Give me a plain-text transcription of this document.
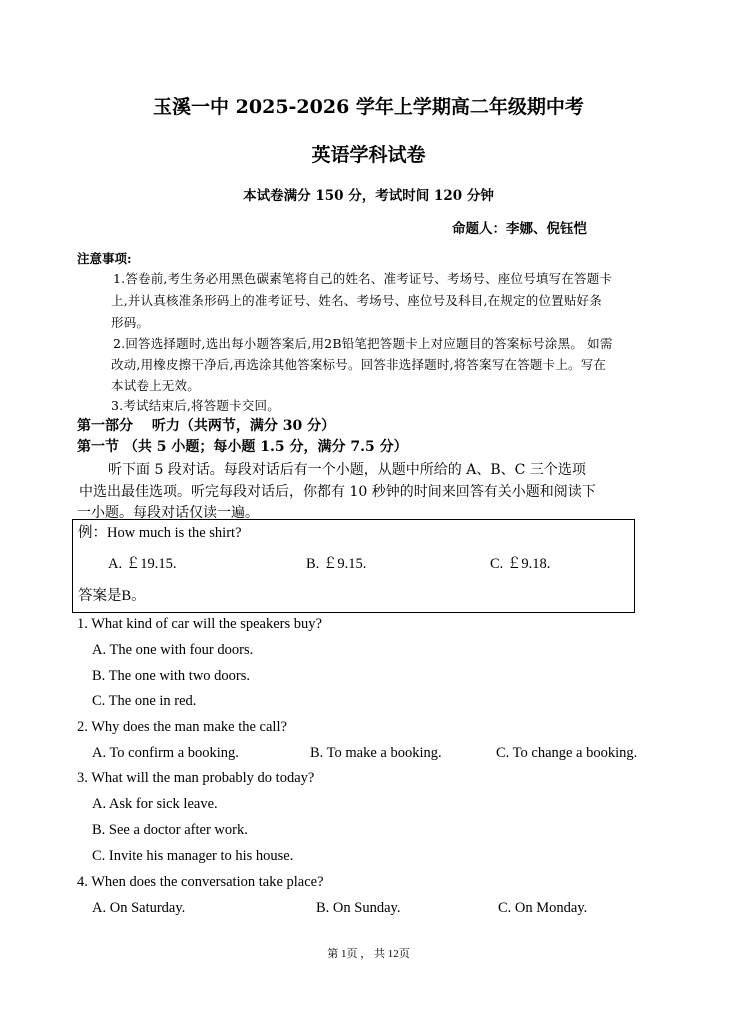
玉溪一中 2025-2026 学年上学期高二年级期中考
英语学科试卷
本试卷满分 150 分，考试时间 120 分钟
命题人：李娜、倪钰恺
注意事项:
1.答卷前,考生务必用黑色碳素笔将自己的姓名、准考证号、考场号、座位号填写在答题卡
上,并认真核准条形码上的准考证号、姓名、考场号、座位号及科目,在规定的位置贴好条
形码。
2.回答选择题时,选出每小题答案后,用2B铅笔把答题卡上对应题目的答案标号涂黑。 如需
改动,用橡皮擦干净后,再选涂其他答案标号。回答非选择题时,将答案写在答题卡上。写在
本试卷上无效。
3.考试结束后,将答题卡交回。
第一部分　 听力（共两节，满分 30 分）
第一节 （共 5 小题；每小题 1.5 分，满分 7.5 分）
听下面 5 段对话。每段对话后有一个小题，从题中所给的 A、B、C 三个选项
中选出最佳选项。听完每段对话后，你都有 10 秒钟的时间来回答有关小题和阅读下
一小题。每段对话仅读一遍。
例：How much is the shirt?
A. ￡19.15.	B. ￡9.15.	C. ￡9.18.
答案是B。
1. What kind of car will the speakers buy?
A. The one with four doors.
B. The one with two doors.
C. The one in red.
2. Why does the man make the call?
A. To confirm a booking.	B. To make a booking.	C. To change a booking.
3. What will the man probably do today?
A. Ask for sick leave.
B. See a doctor after work.
C. Invite his manager to his house.
4. When does the conversation take place?
A. On Saturday.	B. On Sunday.	C. On Monday.
第 1页 ， 共 12页
